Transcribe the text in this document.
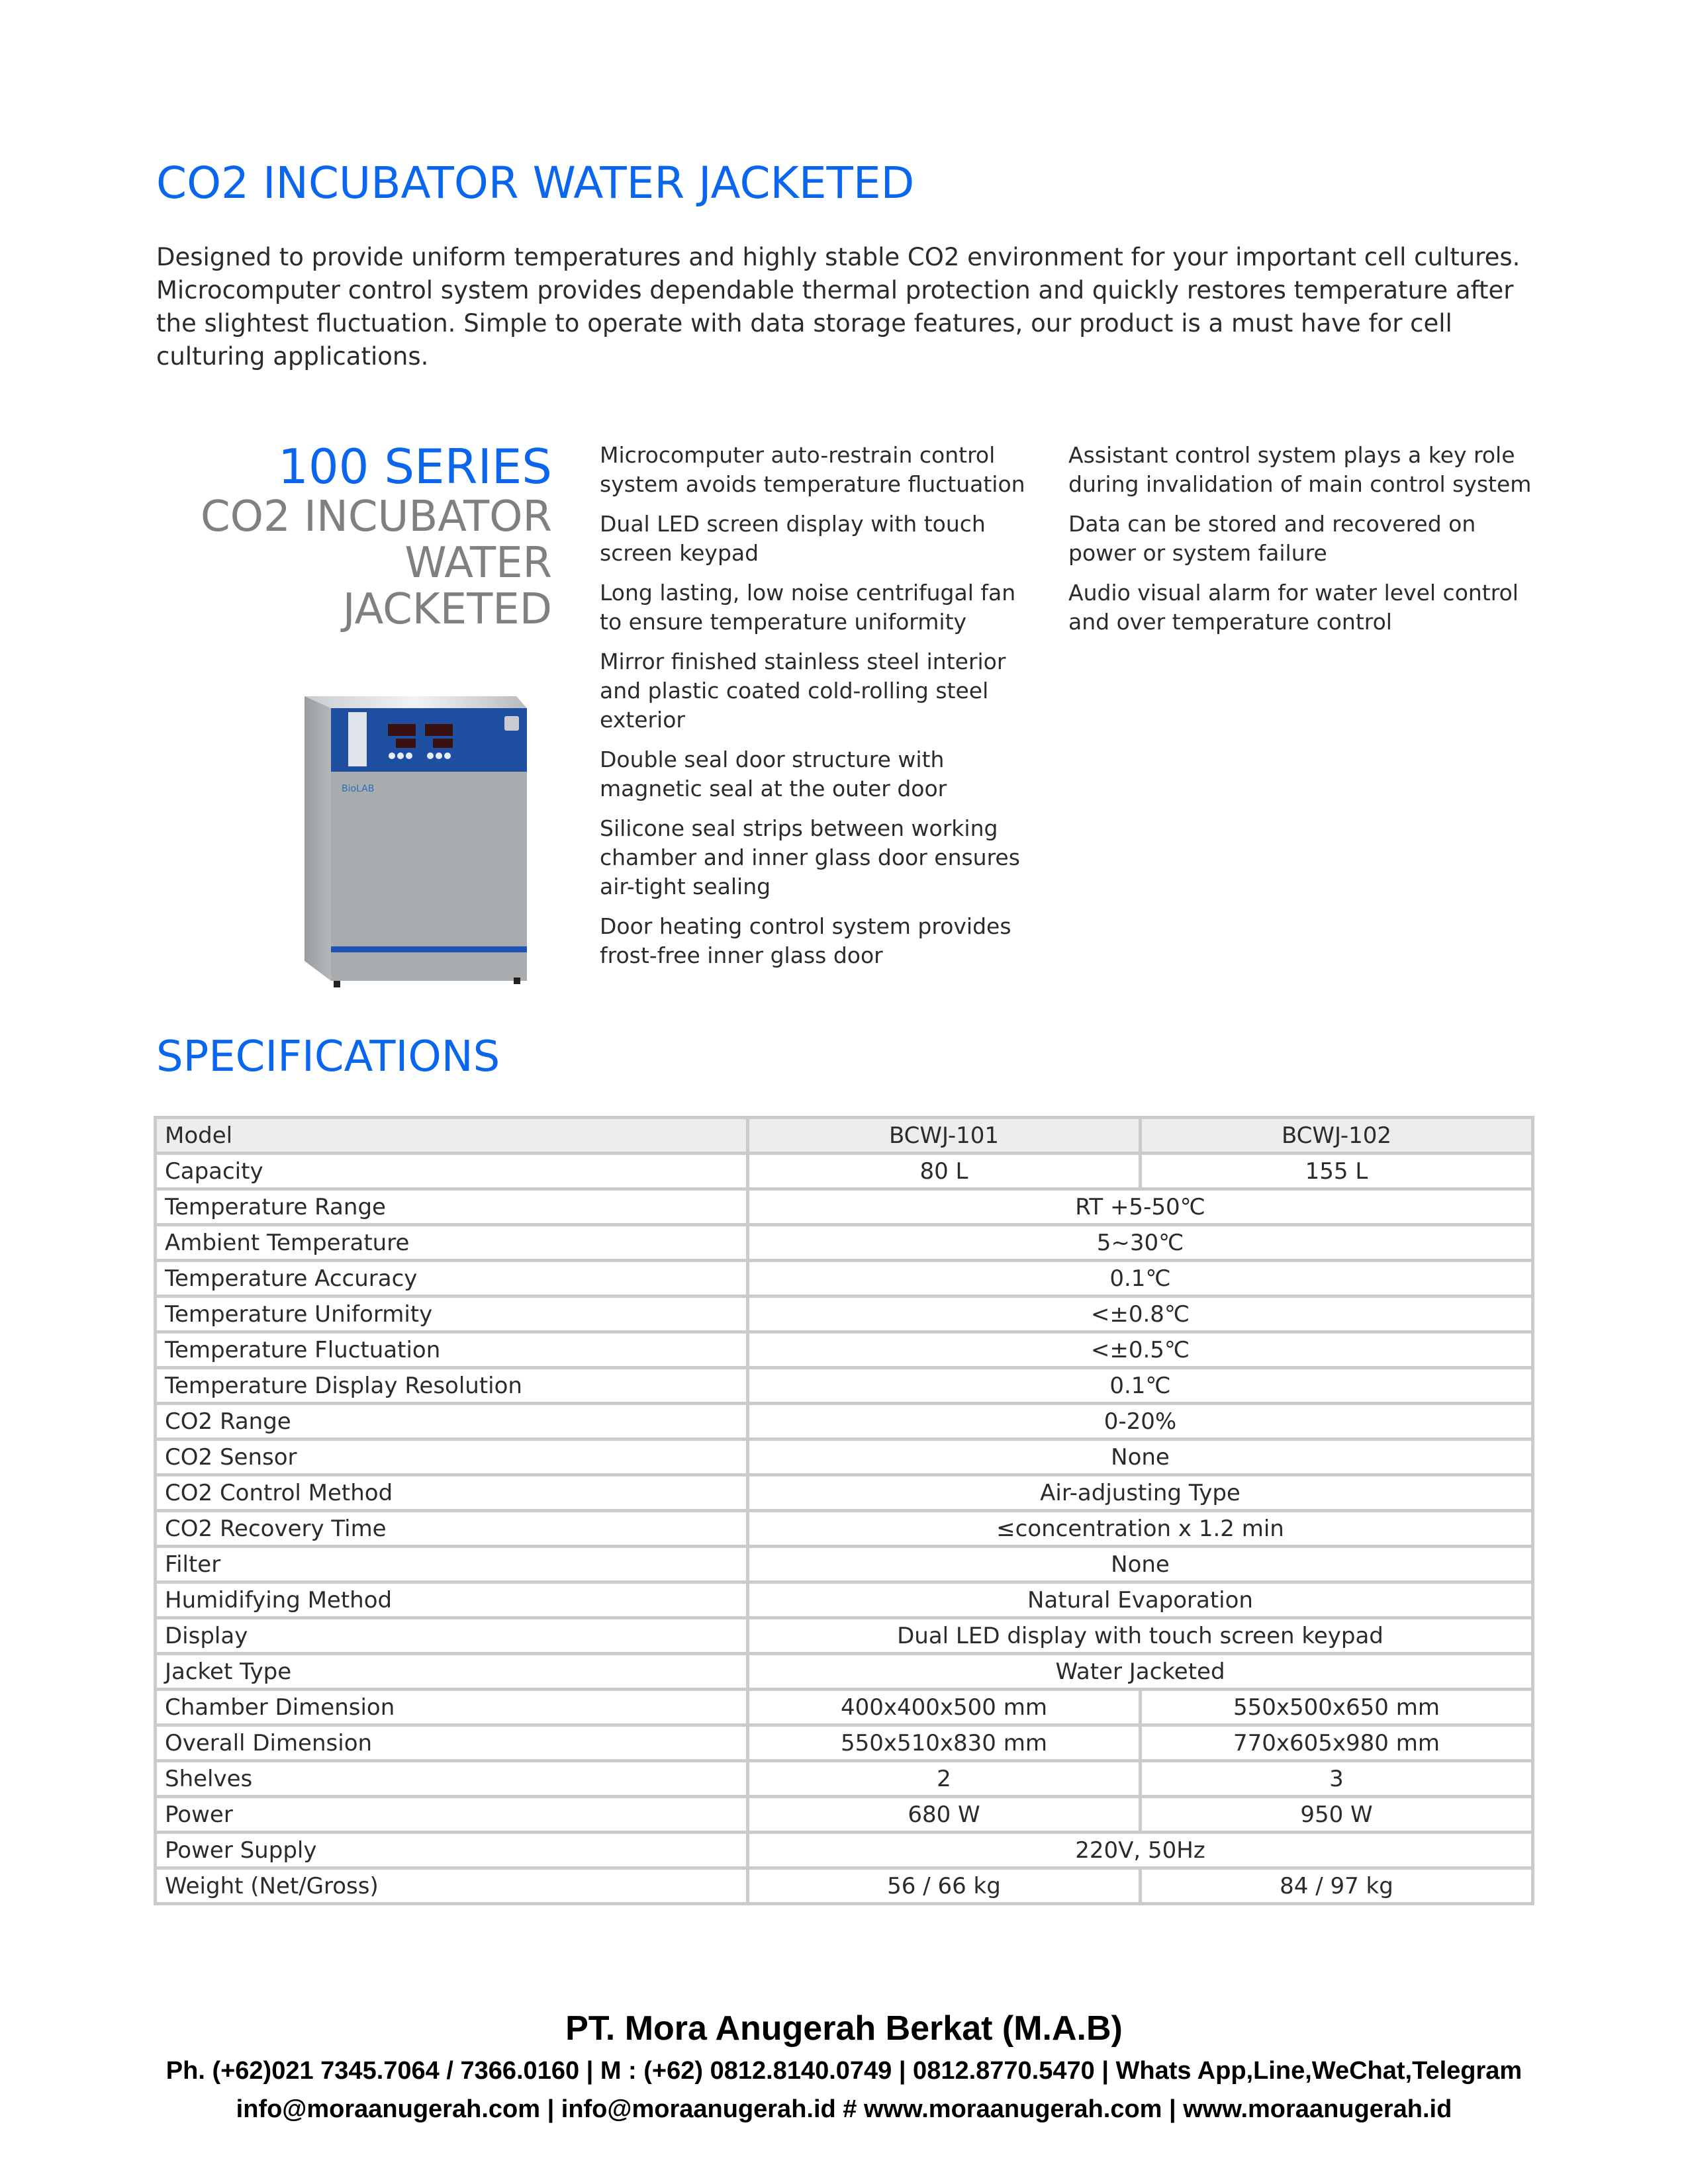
CO2 INCUBATOR WATER JACKETED
Designed to provide uniform temperatures and highly stable CO2 environment for your important cell cultures. Microcomputer control system provides dependable thermal protection and quickly restores temperature after the slightest fluctuation. Simple to operate with data storage features, our product is a must have for cell culturing applications.
100 SERIES
CO2 INCUBATOR
WATER
JACKETED
BioLAB
Microcomputer auto-restrain control system avoids temperature fluctuation
Dual LED screen display with touch screen keypad
Long lasting, low noise centrifugal fan to ensure temperature uniformity
Mirror finished stainless steel interior and plastic coated cold-rolling steel exterior
Double seal door structure with magnetic seal at the outer door
Silicone seal strips between working chamber and inner glass door ensures air-tight sealing
Door heating control system provides frost-free inner glass door
Assistant control system plays a key role during invalidation of main control system
Data can be stored and recovered on power or system failure
Audio visual alarm for water level control and over temperature control
SPECIFICATIONS
Model	BCWJ-101	BCWJ-102
Capacity	80 L	155 L
Temperature Range	RT +5-50℃	
Ambient Temperature	5~30℃	
Temperature Accuracy	0.1℃	
Temperature Uniformity	<±0.8℃	
Temperature Fluctuation	<±0.5℃	
Temperature Display Resolution	0.1℃	
CO2 Range	0-20%	
CO2 Sensor	None	
CO2 Control Method	Air-adjusting Type	
CO2 Recovery Time	≤concentration x 1.2 min	
Filter	None	
Humidifying Method	Natural Evaporation	
Display	Dual LED display with touch screen keypad	
Jacket Type	Water Jacketed	
Chamber Dimension	400x400x500 mm	550x500x650 mm
Overall Dimension	550x510x830 mm	770x605x980 mm
Shelves	2	3
Power	680 W	950 W
Power Supply	220V, 50Hz	
Weight (Net/Gross)	56 / 66 kg	84 / 97 kg
PT. Mora Anugerah Berkat (M.A.B)
Ph. (+62)021 7345.7064 / 7366.0160 | M : (+62) 0812.8140.0749 | 0812.8770.5470 | Whats App,Line,WeChat,Telegram
info@moraanugerah.com | info@moraanugerah.id # www.moraanugerah.com | www.moraanugerah.id
